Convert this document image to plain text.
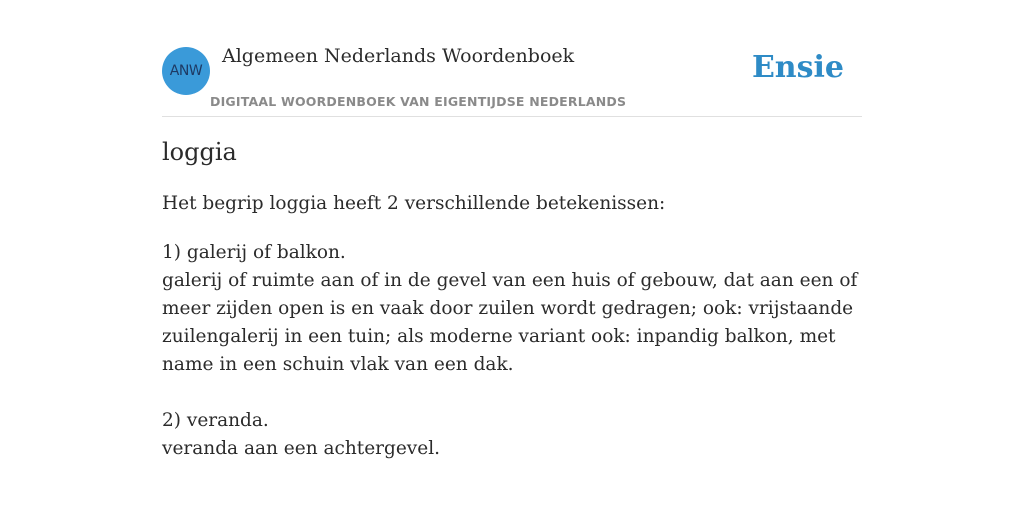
ANW
Algemeen Nederlands Woordenboek
DIGITAAL WOORDENBOEK VAN EIGENTIJDSE NEDERLANDS
Ensie
loggia
Het begrip loggia heeft 2 verschillende betekenissen:
1) galerij of balkon.
galerij of ruimte aan of in de gevel van een huis of gebouw, dat aan een of meer zijden open is en vaak door zuilen wordt gedragen; ook: vrijstaande zuilengalerij in een tuin; als moderne variant ook: inpandig balkon, met name in een schuin vlak van een dak.
2) veranda.
veranda aan een achtergevel.
